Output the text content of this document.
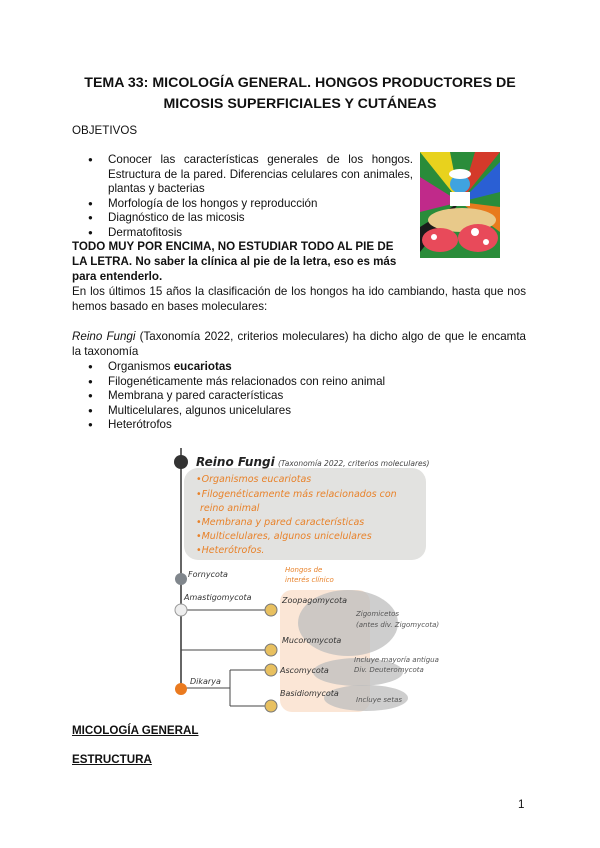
TEMA 33: MICOLOGÍA GENERAL. HONGOS PRODUCTORES DE
MICOSIS SUPERFICIALES Y CUTÁNEAS
OBJETIVOS
● Conocer las características generales de los hongos. Estructura de la pared. Diferencias celulares con animales, plantas y bacterias
● Morfología de los hongos y reproducción
● Diagnóstico de las micosis
● Dermatofitosis
TODO MUY POR ENCIMA, NO ESTUDIAR TODO AL PIE DE LA LETRA. No saber la clínica al pie de la letra, eso es más para entenderlo.
En los últimos 15 años la clasificación de los hongos ha ido cambiando, hasta que nos hemos basado en bases moleculares:
Reino Fungi (Taxonomía 2022, criterios moleculares) ha dicho algo de que le encamta la taxonomía
● Organismos eucariotas
● Filogenéticamente más relacionados con reino animal
● Membrana y pared características
● Multicelulares, algunos unicelulares
● Heterótrofos
Reino Fungi (Taxonomía 2022, criterios moleculares)
•Organismos eucariotas
•Filogenéticamente más relacionados con
reino animal
•Membrana y pared características
•Multicelulares, algunos unicelulares
•Heterótrofos.
Hongos de
interés clínico
Fornycota
Amastigomycota	Zoopagomycota
Mucoromycota
Dikarya
Ascomycota
Basidiomycota
Zigomicetos
(antes div. Zigomycota)
Incluye mayoría antigua
Div. Deuteromycota
Incluye setas
MICOLOGÍA GENERAL
ESTRUCTURA
1
